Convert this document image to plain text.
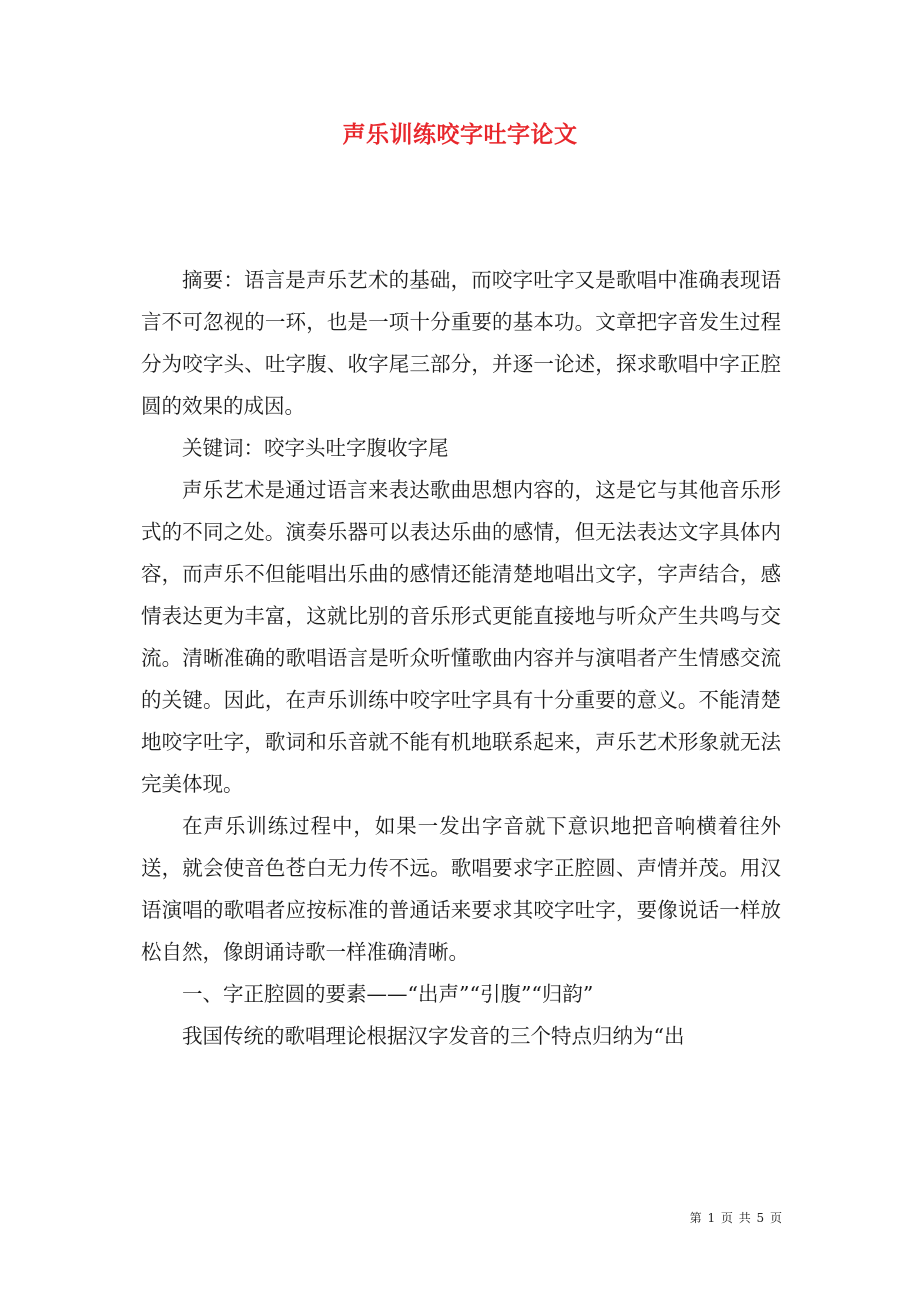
声乐训练咬字吐字论文

摘要：语言是声乐艺术的基础，而咬字吐字又是歌唱中准确表现语言不可忽视的一环，也是一项十分重要的基本功。文章把字音发生过程分为咬字头、吐字腹、收字尾三部分，并逐一论述，探求歌唱中字正腔圆的效果的成因。

关键词：咬字头吐字腹收字尾

声乐艺术是通过语言来表达歌曲思想内容的，这是它与其他音乐形式的不同之处。演奏乐器可以表达乐曲的感情，但无法表达文字具体内容，而声乐不但能唱出乐曲的感情还能清楚地唱出文字，字声结合，感情表达更为丰富，这就比别的音乐形式更能直接地与听众产生共鸣与交流。清晰准确的歌唱语言是听众听懂歌曲内容并与演唱者产生情感交流的关键。因此，在声乐训练中咬字吐字具有十分重要的意义。不能清楚地咬字吐字，歌词和乐音就不能有机地联系起来，声乐艺术形象就无法完美体现。

在声乐训练过程中，如果一发出字音就下意识地把音响横着往外送，就会使音色苍白无力传不远。歌唱要求字正腔圆、声情并茂。用汉语演唱的歌唱者应按标准的普通话来要求其咬字吐字，要像说话一样放松自然，像朗诵诗歌一样准确清晰。

一、字正腔圆的要素——“出声”“引腹”“归韵”

我国传统的歌唱理论根据汉字发音的三个特点归纳为“出

第 1 页 共 5 页
